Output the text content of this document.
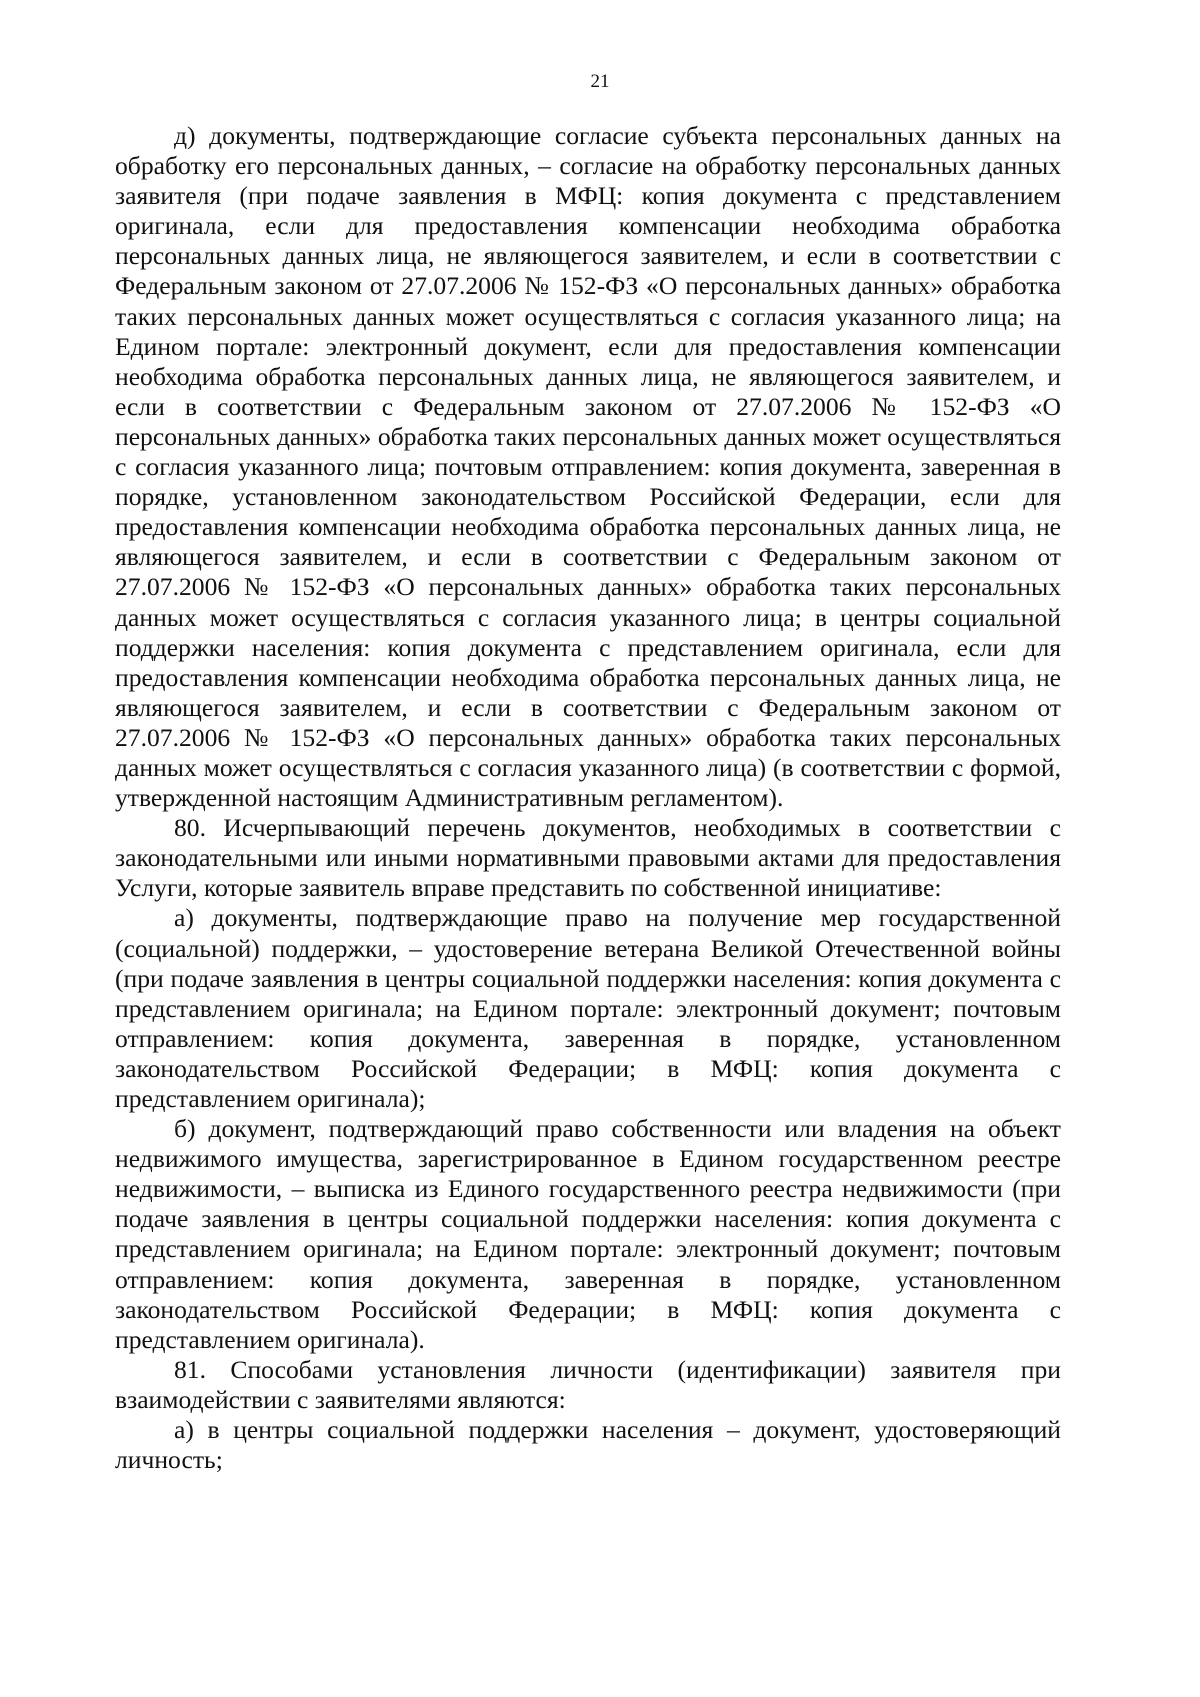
21

д) документы, подтверждающие согласие субъекта персональных данных на обработку его персональных данных, – согласие на обработку персональных данных заявителя (при подаче заявления в МФЦ: копия документа с представлением оригинала, если для предоставления компенсации необходима обработка персональных данных лица, не являющегося заявителем, и если в соответствии с Федеральным законом от 27.07.2006 № 152-ФЗ «О персональных данных» обработка таких персональных данных может осуществляться с согласия указанного лица; на Едином портале: электронный документ, если для предоставления компенсации необходима обработка персональных данных лица, не являющегося заявителем, и если в соответствии с Федеральным законом от 27.07.2006 № 152-ФЗ «О персональных данных» обработка таких персональных данных может осуществляться с согласия указанного лица; почтовым отправлением: копия документа, заверенная в порядке, установленном законодательством Российской Федерации, если для предоставления компенсации необходима обработка персональных данных лица, не являющегося заявителем, и если в соответствии с Федеральным законом от 27.07.2006 № 152-ФЗ «О персональных данных» обработка таких персональных данных может осуществляться с согласия указанного лица; в центры социальной поддержки населения: копия документа с представлением оригинала, если для предоставления компенсации необходима обработка персональных данных лица, не являющегося заявителем, и если в соответствии с Федеральным законом от 27.07.2006 № 152-ФЗ «О персональных данных» обработка таких персональных данных может осуществляться с согласия указанного лица) (в соответствии с формой, утвержденной настоящим Административным регламентом).

80. Исчерпывающий перечень документов, необходимых в соответствии с законодательными или иными нормативными правовыми актами для предоставления Услуги, которые заявитель вправе представить по собственной инициативе:

а) документы, подтверждающие право на получение мер государственной (социальной) поддержки, – удостоверение ветерана Великой Отечественной войны (при подаче заявления в центры социальной поддержки населения: копия документа с представлением оригинала; на Едином портале: электронный документ; почтовым отправлением: копия документа, заверенная в порядке, установленном законодательством Российской Федерации; в МФЦ: копия документа с представлением оригинала);

б) документ, подтверждающий право собственности или владения на объект недвижимого имущества, зарегистрированное в Едином государственном реестре недвижимости, – выписка из Единого государственного реестра недвижимости (при подаче заявления в центры социальной поддержки населения: копия документа с представлением оригинала; на Едином портале: электронный документ; почтовым отправлением: копия документа, заверенная в порядке, установленном законодательством Российской Федерации; в МФЦ: копия документа с представлением оригинала).

81. Способами установления личности (идентификации) заявителя при взаимодействии с заявителями являются:

а) в центры социальной поддержки населения – документ, удостоверяющий личность;
